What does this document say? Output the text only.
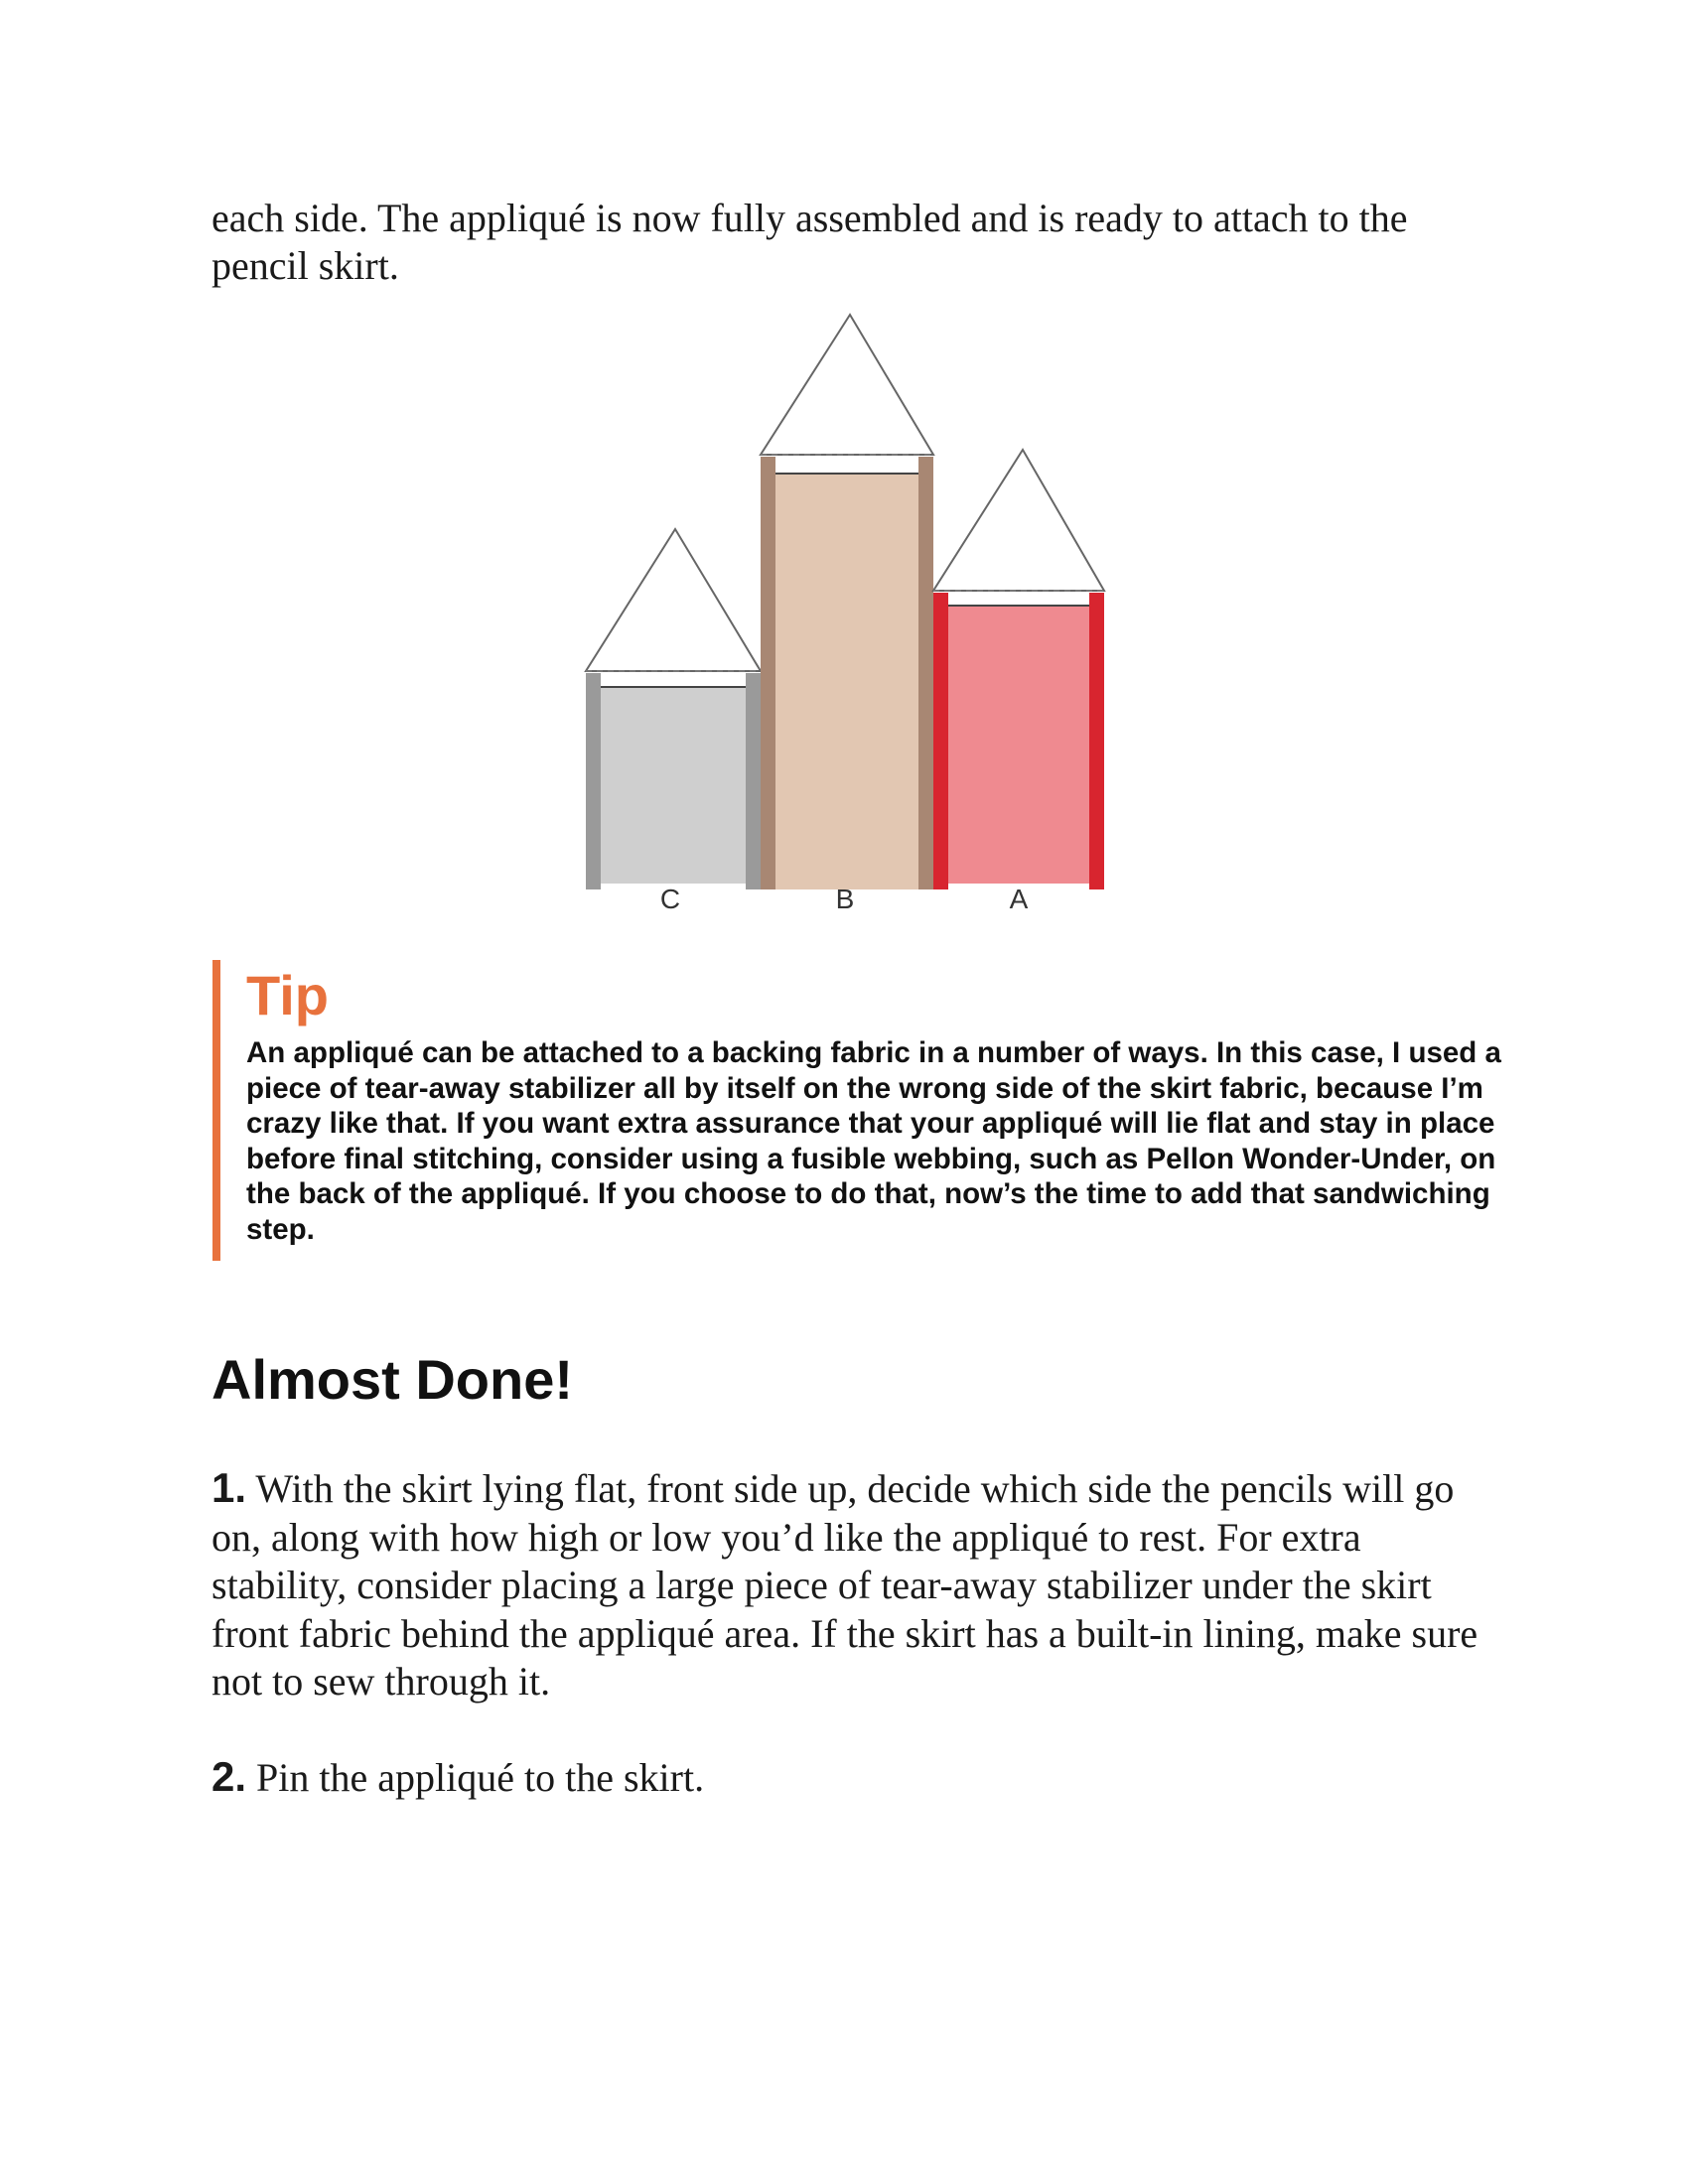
each side. The appliqué is now fully assembled and is ready to attach to the pencil skirt.

C	B	A
Tip

An appliqué can be attached to a backing fabric in a number of ways. In this case, I used a piece of tear-away stabilizer all by itself on the wrong side of the skirt fabric, because I’m crazy like that. If you want extra assurance that your appliqué will lie flat and stay in place before final stitching, consider using a fusible webbing, such as Pellon Wonder-Under, on the back of the appliqué. If you choose to do that, now’s the time to add that sandwiching step.

Almost Done!

1. With the skirt lying flat, front side up, decide which side the pencils will go on, along with how high or low you’d like the appliqué to rest. For extra stability, consider placing a large piece of tear-away stabilizer under the skirt front fabric behind the appliqué area. If the skirt has a built-in lining, make sure not to sew through it.

2. Pin the appliqué to the skirt.
